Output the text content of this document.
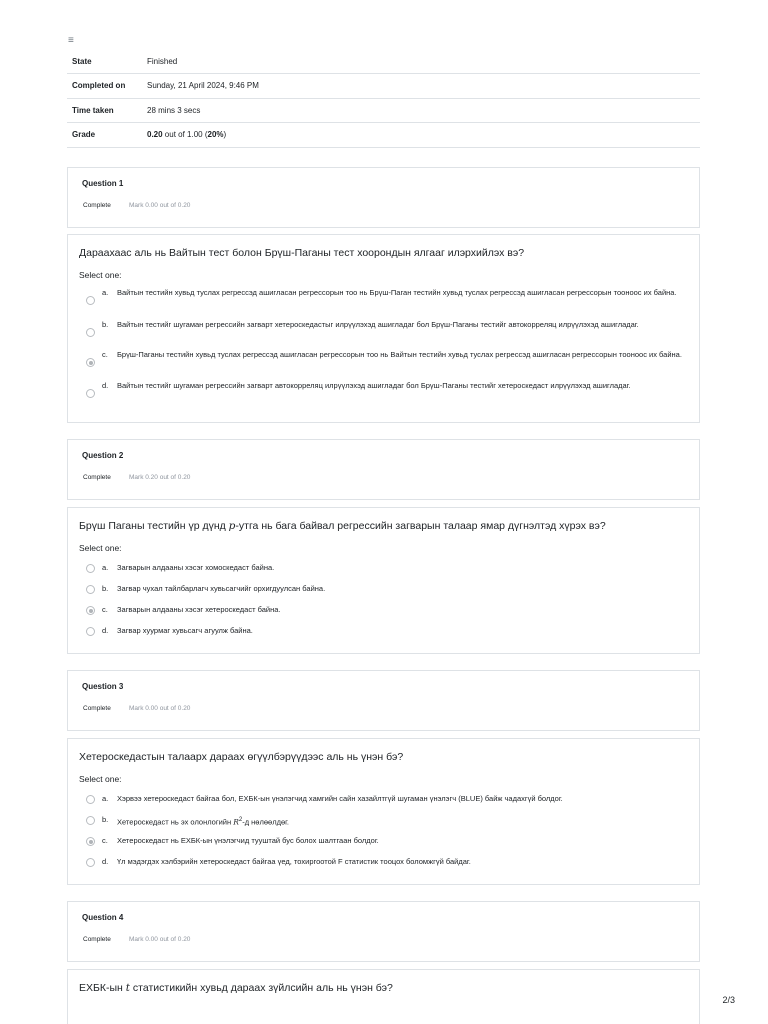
≡
State	Finished
Completed on	Sunday, 21 April 2024, 9:46 PM
Time taken	28 mins 3 secs
Grade	0.20 out of 1.00 (20%)
Question 1
Complete	Mark 0.00 out of 0.20
Дараахаас аль нь Вайтын тест болон Брүш-Паганы тест хоорондын ялгааг илэрхийлэх вэ?
Select one:
a. Вайтын тестийн хувьд туслах регрессэд ашигласан регрессорын тоо нь Брүш-Паган тестийн хувьд туслах регрессэд ашигласан регрессорын тооноос их байна.
b. Вайтын тестийг шугаман регрессийн загварт хетероскедастыг илрүүлэхэд ашигладаг бол Брүш-Паганы тестийг автокорреляц илрүүлэхэд ашигладаг.
c. Брүш-Паганы тестийн хувьд туслах регрессэд ашигласан регрессорын тоо нь Вайтын тестийн хувьд туслах регрессэд ашигласан регрессорын тооноос их байна.
d. Вайтын тестийг шугаман регрессийн загварт автокорреляц илрүүлэхэд ашигладаг бол Брүш-Паганы тестийг хетероскедаст илрүүлэхэд ашигладаг.
Question 2
Complete	Mark 0.20 out of 0.20
Брүш Паганы тестийн үр дүнд p-утга нь бага байвал регрессийн загварын талаар ямар дүгнэлтэд хүрэх вэ?
Select one:
a. Загварын алдааны хэсэг хомоскедаст байна.
b. Загвар чухал тайлбарлагч хувьсагчийг орхигдуулсан байна.
c. Загварын алдааны хэсэг хетероскедаст байна.
d. Загвар хуурмаг хувьсагч агуулж байна.
Question 3
Complete	Mark 0.00 out of 0.20
Хетероскедастын талаарх дараах өгүүлбэрүүдээс аль нь үнэн бэ?
Select one:
a. Хэрвээ хетероскедаст байгаа бол, ЕХБК-ын үнэлэгчид хамгийн сайн хазайлтгүй шугаман үнэлэгч (BLUE) байж чадахгүй болдог.
b. Хетероскедаст нь эх олонлогийн $R^2-д$ нөлөөлдөг.
c. Хетероскедаст нь ЕХБК-ын үнэлэгчид тууштай бус болох шалтгаан болдог.
d. Үл мэдэгдэх хэлбэрийн хетероскедаст байгаа үед, тохиргоотой F статистик тооцох боломжгүй байдаг.
Question 4
Complete	Mark 0.00 out of 0.20
ЕХБК-ын t статистикийн хувьд дараах зүйлсийн аль нь үнэн бэ?
2/3
